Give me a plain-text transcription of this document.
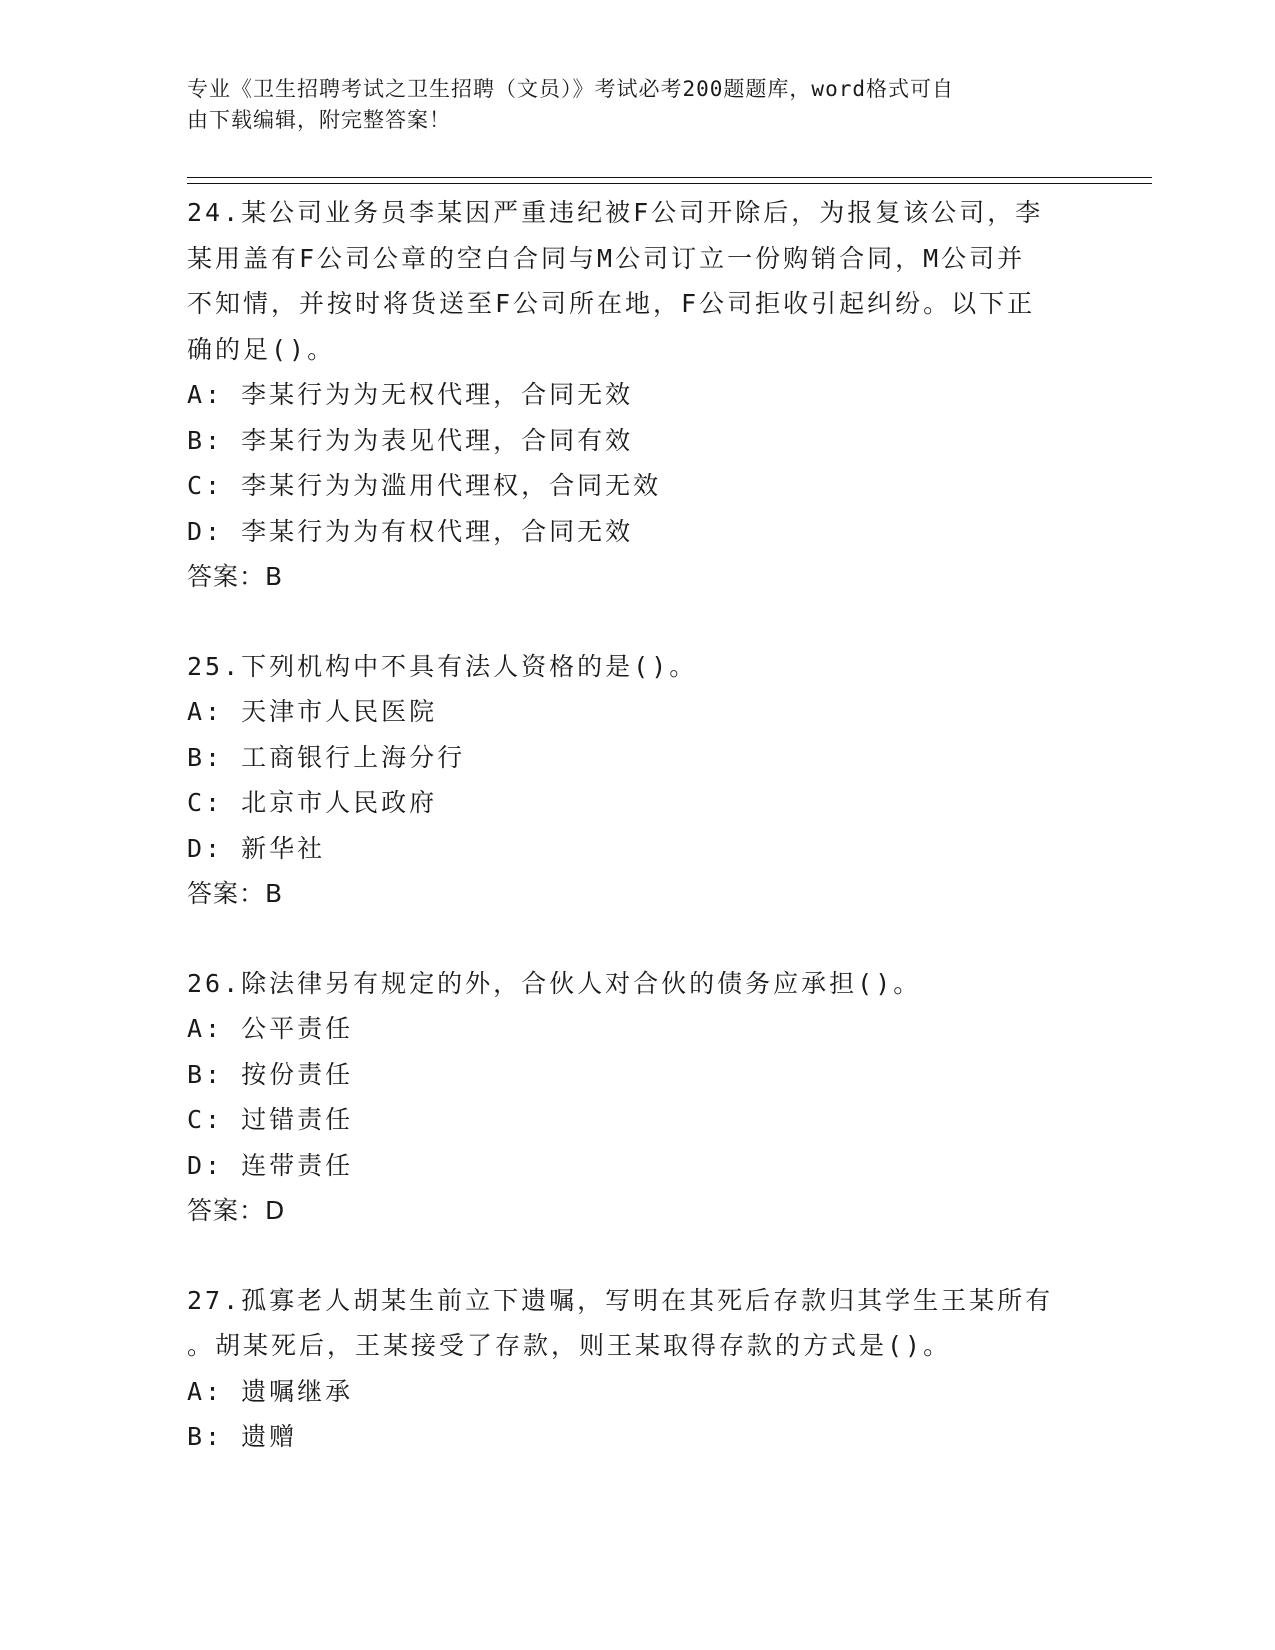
专业《卫生招聘考试之卫生招聘（文员）》考试必考200题题库，word格式可自
由下载编辑，附完整答案！
24.某公司业务员李某因严重违纪被F公司开除后，为报复该公司，李
某用盖有F公司公章的空白合同与M公司订立一份购销合同，M公司并
不知情，并按时将货送至F公司所在地，F公司拒收引起纠纷。以下正
确的足()。
A: 李某行为为无权代理，合同无效
B: 李某行为为表见代理，合同有效
C: 李某行为为滥用代理权，合同无效
D: 李某行为为有权代理，合同无效
答案：B
25.下列机构中不具有法人资格的是()。
A: 天津市人民医院
B: 工商银行上海分行
C: 北京市人民政府
D: 新华社
答案：B
26.除法律另有规定的外，合伙人对合伙的债务应承担()。
A: 公平责任
B: 按份责任
C: 过错责任
D: 连带责任
答案：D
27.孤寡老人胡某生前立下遗嘱，写明在其死后存款归其学生王某所有
。胡某死后，王某接受了存款，则王某取得存款的方式是()。
A: 遗嘱继承
B: 遗赠
